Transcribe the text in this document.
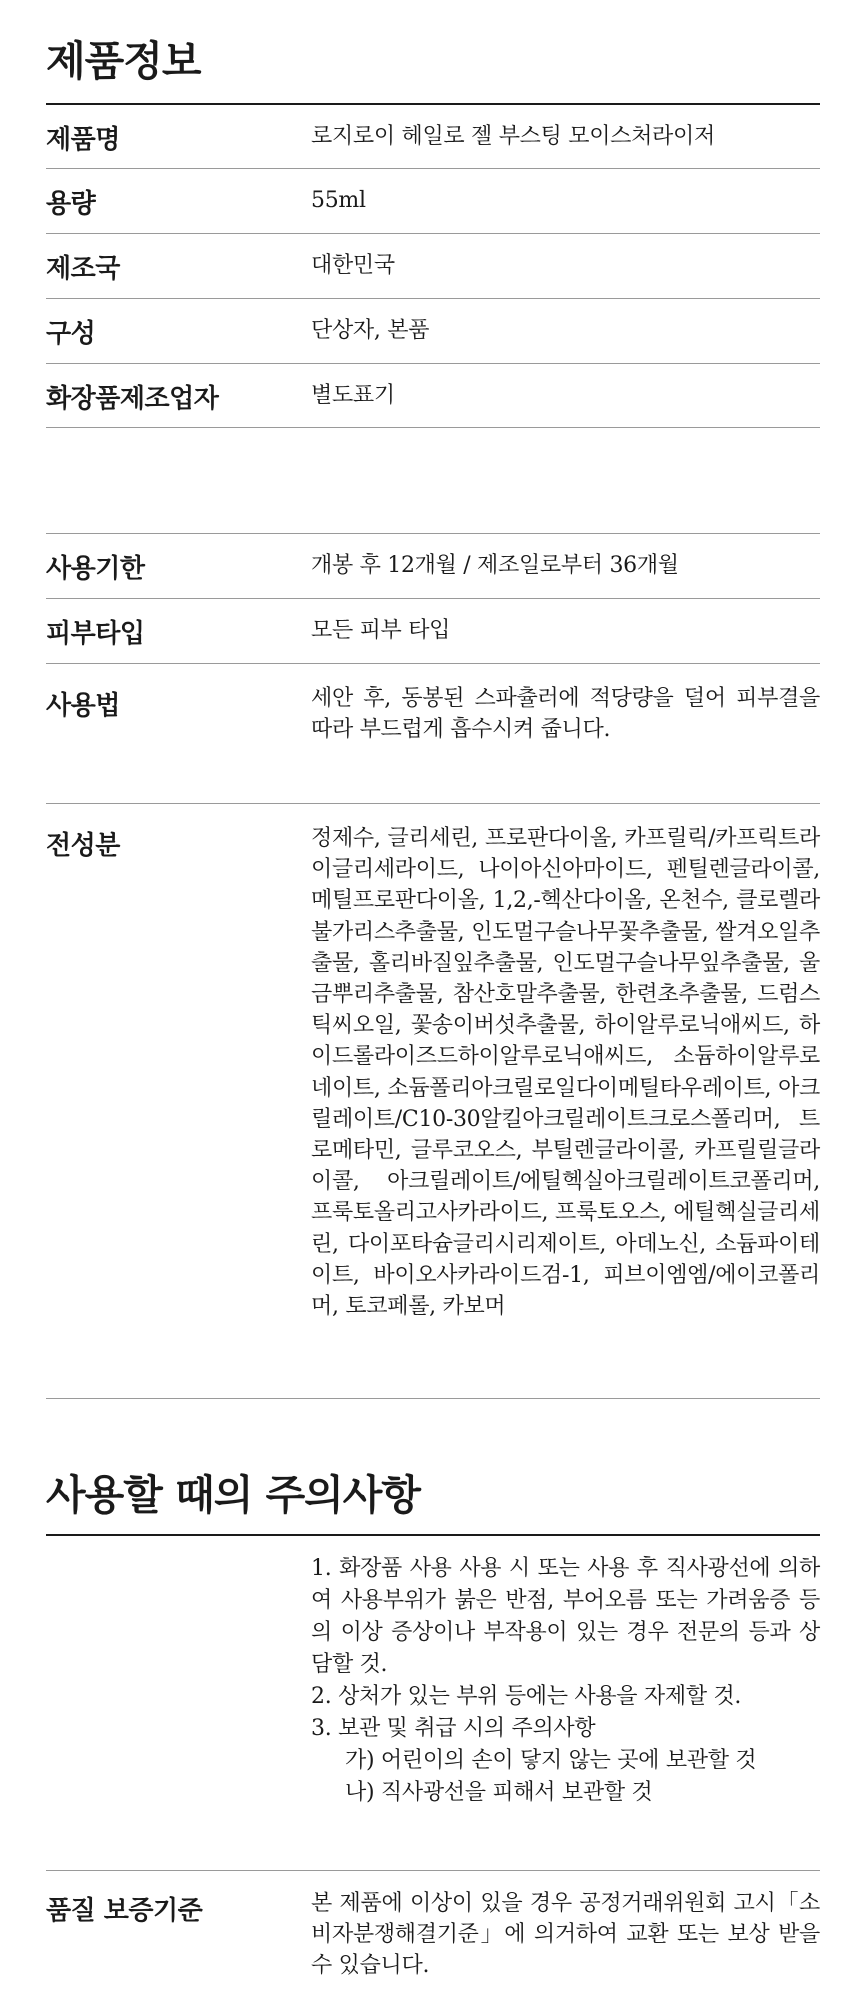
제품정보
제품명	로지로이 헤일로 젤 부스팅 모이스처라이저
용량	55ml
제조국	대한민국
구성	단상자, 본품
화장품제조업자	별도표기
사용기한	개봉 후 12개월 / 제조일로부터 36개월
피부타입	모든 피부 타입
사용법	세안 후, 동봉된 스파츌러에 적당량을 덜어 피부결을 따라 부드럽게 흡수시켜 줍니다.
전성분	정제수, 글리세린, 프로판다이올, 카프릴릭/카프릭트라이글리세라이드, 나이아신아마이드, 펜틸렌글라이콜, 메틸프로판다이올, 1,2,-헥산다이올, 온천수, 클로렐라 불가리스추출물, 인도멀구슬나무꽃추출물, 쌀겨오일추출물, 홀리바질잎추출물, 인도멀구슬나무잎추출물, 울금뿌리추출물, 참산호말추출물, 한련초추출물, 드럼스틱씨오일, 꽃송이버섯추출물, 하이알루로닉애씨드, 하이드롤라이즈드하이알루로닉애씨드, 소듐하이알루로네이트, 소듐폴리아크릴로일다이메틸타우레이트, 아크릴레이트/C10-30알킬아크릴레이트크로스폴리머, 트로메타민, 글루코오스, 부틸렌글라이콜, 카프릴릴글라이콜, 아크릴레이트/에틸헥실아크릴레이트코폴리머, 프룩토올리고사카라이드, 프룩토오스, 에틸헥실글리세린, 다이포타슘글리시리제이트, 아데노신, 소듐파이테이트, 바이오사카라이드검-1, 피브이엠엠/에이코폴리머, 토코페롤, 카보머
사용할 때의 주의사항

1. 화장품 사용 사용 시 또는 사용 후 직사광선에 의하여 사용부위가 붉은 반점, 부어오름 또는 가려움증 등의 이상 증상이나 부작용이 있는 경우 전문의 등과 상담할 것.

2. 상처가 있는 부위 등에는 사용을 자제할 것.

3. 보관 및 취급 시의 주의사항

가) 어린이의 손이 닿지 않는 곳에 보관할 것

나) 직사광선을 피해서 보관할 것

품질 보증기준	본 제품에 이상이 있을 경우 공정거래위원회 고시「소비자분쟁해결기준」에 의거하여 교환 또는 보상 받을 수 있습니다.
